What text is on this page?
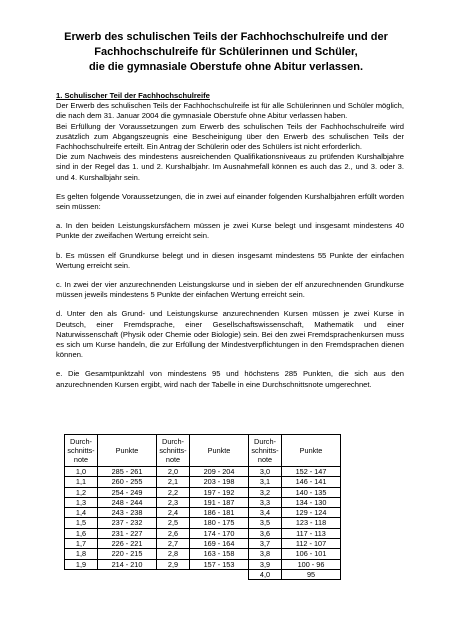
Erwerb des schulischen Teils der Fachhochschulreife und der
Fachhochschulreife für Schülerinnen und Schüler,
die die gymnasiale Oberstufe ohne Abitur verlassen.

1. Schulischer Teil der Fachhochschulreife

Der Erwerb des schulischen Teils der Fachhochschulreife ist für alle Schülerinnen und Schüler möglich, die nach dem 31. Januar 2004 die gymnasiale Oberstufe ohne Abitur verlassen haben.

Bei Erfüllung der Voraussetzungen zum Erwerb des schulischen Teils der Fachhochschulreife wird zusätzlich zum Abgangszeugnis eine Bescheinigung über den Erwerb des schulischen Teils der Fachhochschulreife erteilt. Ein Antrag der Schülerin oder des Schülers ist nicht erforderlich.

Die zum Nachweis des mindestens ausreichenden Qualifikationsniveaus zu prüfenden Kurshalbjahre sind in der Regel das 1. und 2. Kurshalbjahr. Im Ausnahmefall können es auch das 2., und 3. oder 3. und 4. Kurshalbjahr sein.

Es gelten folgende Voraussetzungen, die in zwei auf einander folgenden Kurshalbjahren erfüllt worden sein müssen:

a. In den beiden Leistungskursfächern müssen je zwei Kurse belegt und insgesamt mindestens 40 Punkte der zweifachen Wertung erreicht sein.

b. Es müssen elf Grundkurse belegt und in diesen insgesamt mindestens 55 Punkte der einfachen Wertung erreicht sein.

c. In zwei der vier anzurechnenden Leistungskurse und in sieben der elf anzurechnenden Grundkurse müssen jeweils mindestens 5 Punkte der einfachen Wertung erreicht sein.

d. Unter den als Grund- und Leistungskurse anzurechnenden Kursen müssen je zwei Kurse in Deutsch, einer Fremdsprache, einer Gesellschaftswissenschaft, Mathematik und einer Naturwissenschaft (Physik oder Chemie oder Biologie) sein. Bei den zwei Fremdsprachenkursen muss es sich um Kurse handeln, die zur Erfüllung der Mindestverpflichtungen in den Fremdsprachen dienen können.

e. Die Gesamtpunktzahl von mindestens 95 und höchstens 285 Punkten, die sich aus den anzurechnenden Kursen ergibt, wird nach der Tabelle in eine Durchschnittsnote umgerechnet.

Durch-
schnitts-
note	Punkte	Durch-
schnitts-
note	Punkte	Durch-
schnitts-
note	Punkte
1,0	285 - 261	2,0	209 - 204	3,0	152 - 147
1,1	260 - 255	2,1	203 - 198	3,1	146 - 141
1,2	254 - 249	2,2	197 - 192	3,2	140 - 135
1,3	248 - 244	2,3	191 - 187	3,3	134 - 130
1,4	243 - 238	2,4	186 - 181	3,4	129 - 124
1,5	237 - 232	2,5	180 - 175	3,5	123 - 118
1,6	231 - 227	2,6	174 - 170	3,6	117 - 113
1,7	226 - 221	2,7	169 - 164	3,7	112 - 107
1,8	220 - 215	2,8	163 - 158	3,8	106 - 101
1,9	214 - 210	2,9	157 - 153	3,9	100 - 96
				4,0	95
